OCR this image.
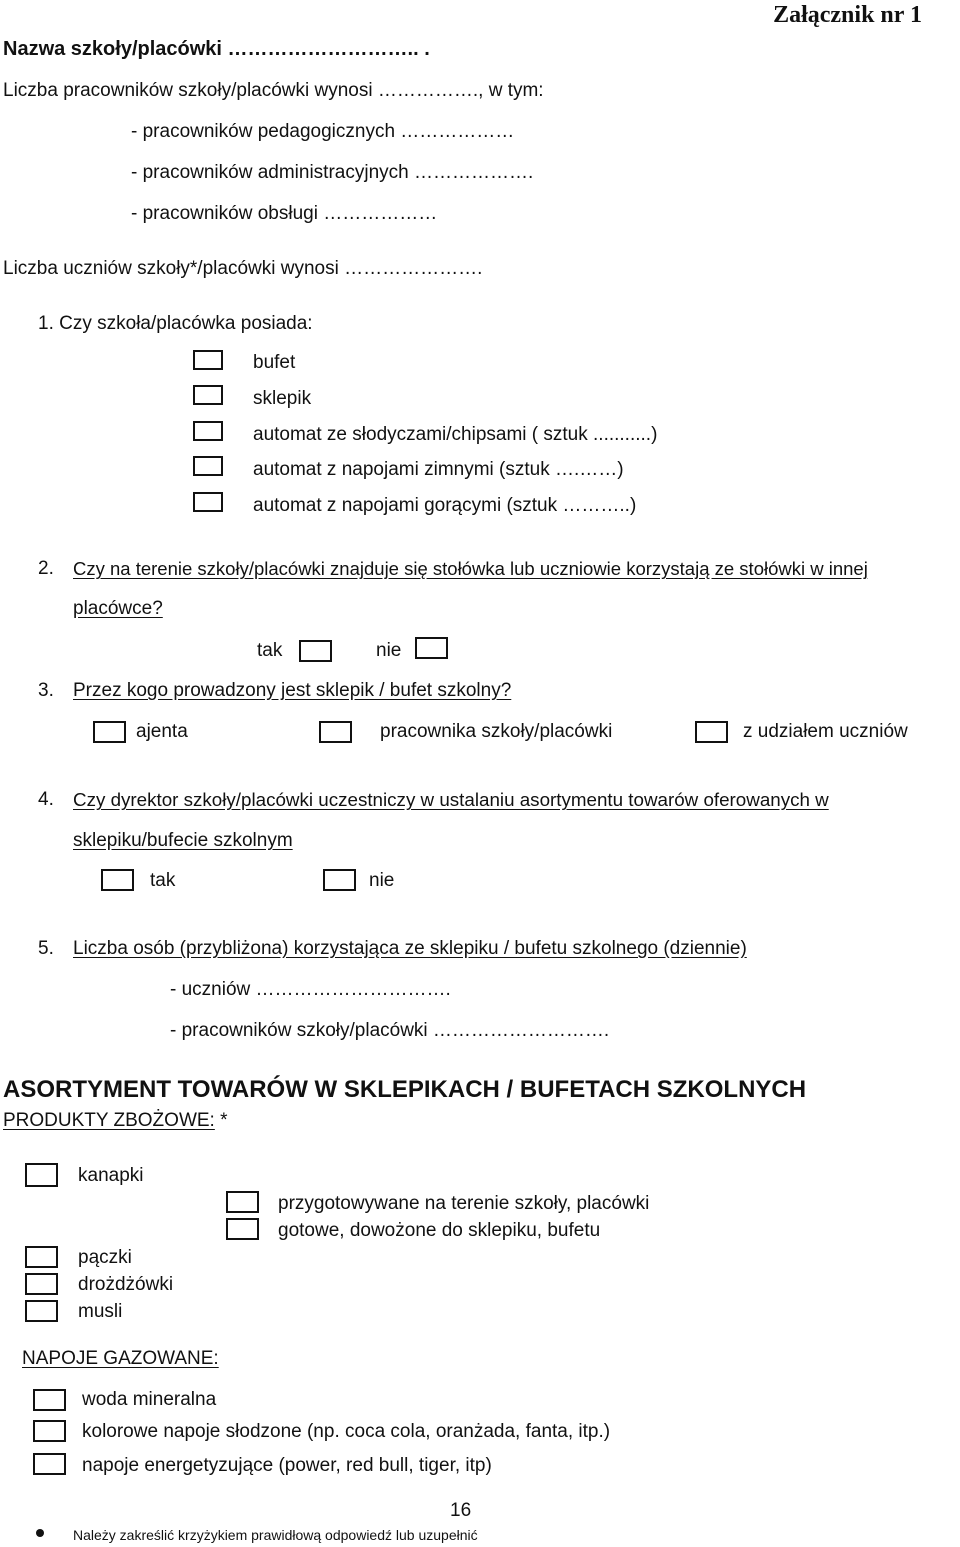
Załącznik nr 1
Nazwa szkoły/placówki ……………………….. .
Liczba pracowników szkoły/placówki wynosi ……………., w tym:
- pracowników pedagogicznych ………………
- pracowników administracyjnych ……………….
- pracowników obsługi ………………
Liczba uczniów szkoły*/placówki wynosi ………………….
1. Czy szkoła/placówka posiada:
bufet
sklepik
automat ze słodyczami/chipsami ( sztuk ...........)
automat z napojami zimnymi (sztuk ….……)
automat z napojami gorącymi (sztuk ………..)
2. Czy na terenie szkoły/placówki znajduje się stołówka lub uczniowie korzystają ze stołówki w innej
placówce?
tak	nie
3. Przez kogo prowadzony jest sklepik / bufet szkolny?
ajenta	pracownika szkoły/placówki	z udziałem uczniów
4. Czy dyrektor szkoły/placówki uczestniczy w ustalaniu asortymentu towarów oferowanych w
sklepiku/bufecie szkolnym
tak	nie
5. Liczba osób (przybliżona) korzystająca ze sklepiku / bufetu szkolnego (dziennie)
- uczniów ………………………….
- pracowników szkoły/placówki ……………………….
ASORTYMENT TOWARÓW W SKLEPIKACH / BUFETACH SZKOLNYCH
PRODUKTY ZBOŻOWE: *
kanapki
przygotowywane na terenie szkoły, placówki
gotowe, dowożone do sklepiku, bufetu
pączki
drożdżówki
musli
NAPOJE GAZOWANE:
woda mineralna
kolorowe napoje słodzone (np. coca cola, oranżada, fanta, itp.)
napoje energetyzujące (power, red bull, tiger, itp)
16
Należy zakreślić krzyżykiem prawidłową odpowiedź lub uzupełnić
